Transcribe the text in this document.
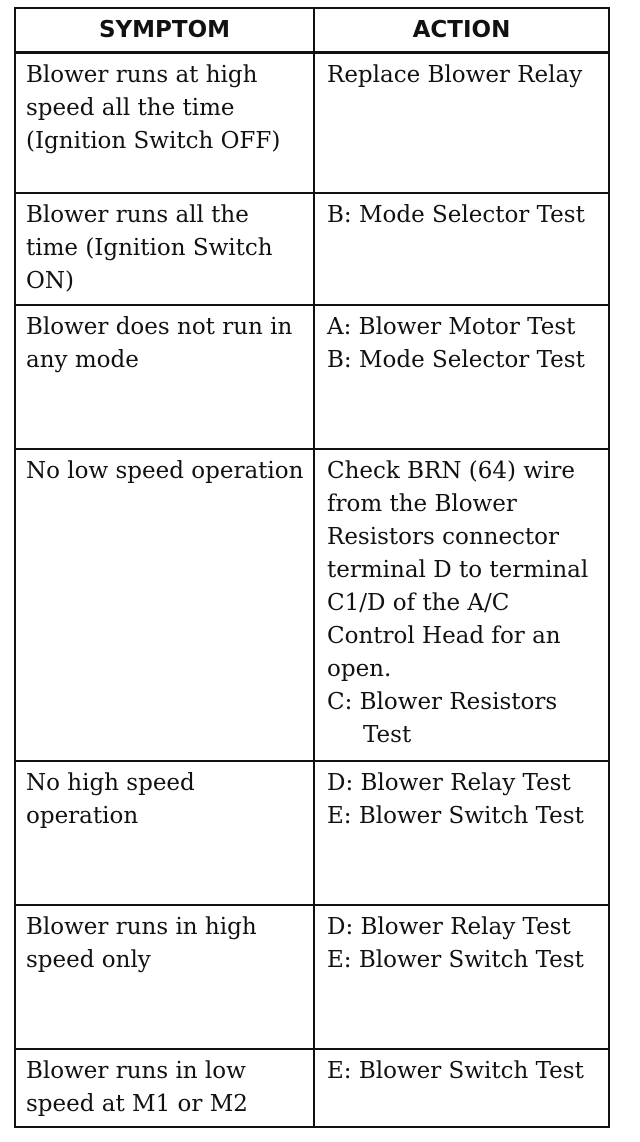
SYMPTOM	ACTION
Blower runs at high speed all the time (Ignition Switch OFF)	Replace Blower Relay

Blower runs all the time (Ignition Switch ON)	B: Mode Selector Test

Blower does not run in any mode	A: Blower Motor Test
B: Mode Selector Test

No low speed operation	Check BRN (64) wire from the Blower Resistors connector terminal D to terminal C1/D of the A/C Control Head for an open.
C: Blower Resistors Test

No high speed operation	D: Blower Relay Test
E: Blower Switch Test

Blower runs in high speed only	D: Blower Relay Test
E: Blower Switch Test

Blower runs in low speed at M1 or M2	E: Blower Switch Test
